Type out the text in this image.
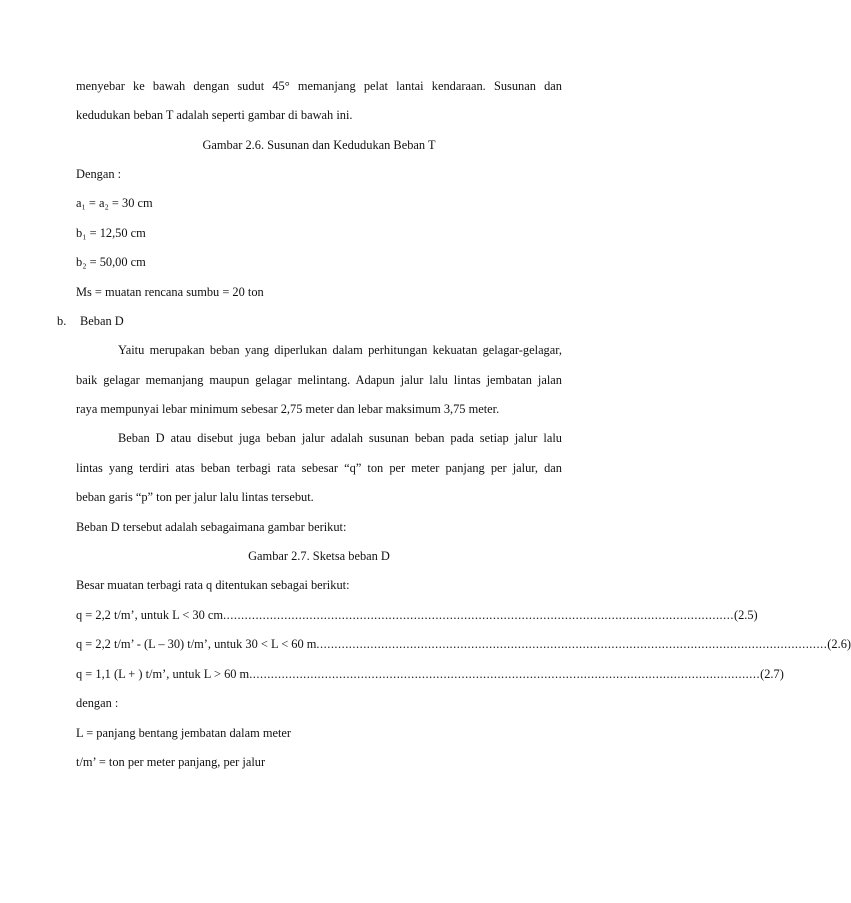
menyebar ke bawah dengan sudut 45° memanjang pelat lantai kendaraan. Susunan dan
kedudukan beban T adalah seperti gambar di bawah ini.
Gambar 2.6. Susunan dan Kedudukan Beban T
Dengan :
a₁ = a₂ = 30 cm
b₁ = 12,50 cm
b₂ = 50,00 cm
Ms = muatan rencana sumbu = 20 ton
b. Beban D
Yaitu merupakan beban yang diperlukan dalam perhitungan kekuatan gelagar-gelagar,
baik gelagar memanjang maupun gelagar melintang. Adapun jalur lalu lintas jembatan jalan
raya mempunyai lebar minimum sebesar 2,75 meter dan lebar maksimum 3,75 meter.
Beban D atau disebut juga beban jalur adalah susunan beban pada setiap jalur lalu
lintas yang terdiri atas beban terbagi rata sebesar “q” ton per meter panjang per jalur, dan
beban garis “p” ton per jalur lalu lintas tersebut.
Beban D tersebut adalah sebagaimana gambar berikut:
Gambar 2.7. Sketsa beban D
Besar muatan terbagi rata q ditentukan sebagai berikut:
q = 2,2 t/m’, untuk L < 30 cm .............................................................................................................................................. (2.5)
q = 2,2 t/m’ - (L – 30) t/m’, untuk 30 < L < 60 m .............................................................................................................................................. (2.6)
q = 1,1 (L + ) t/m’, untuk L > 60 m .............................................................................................................................................. (2.7)
dengan :
L = panjang bentang jembatan dalam meter
t/m’ = ton per meter panjang, per jalur
